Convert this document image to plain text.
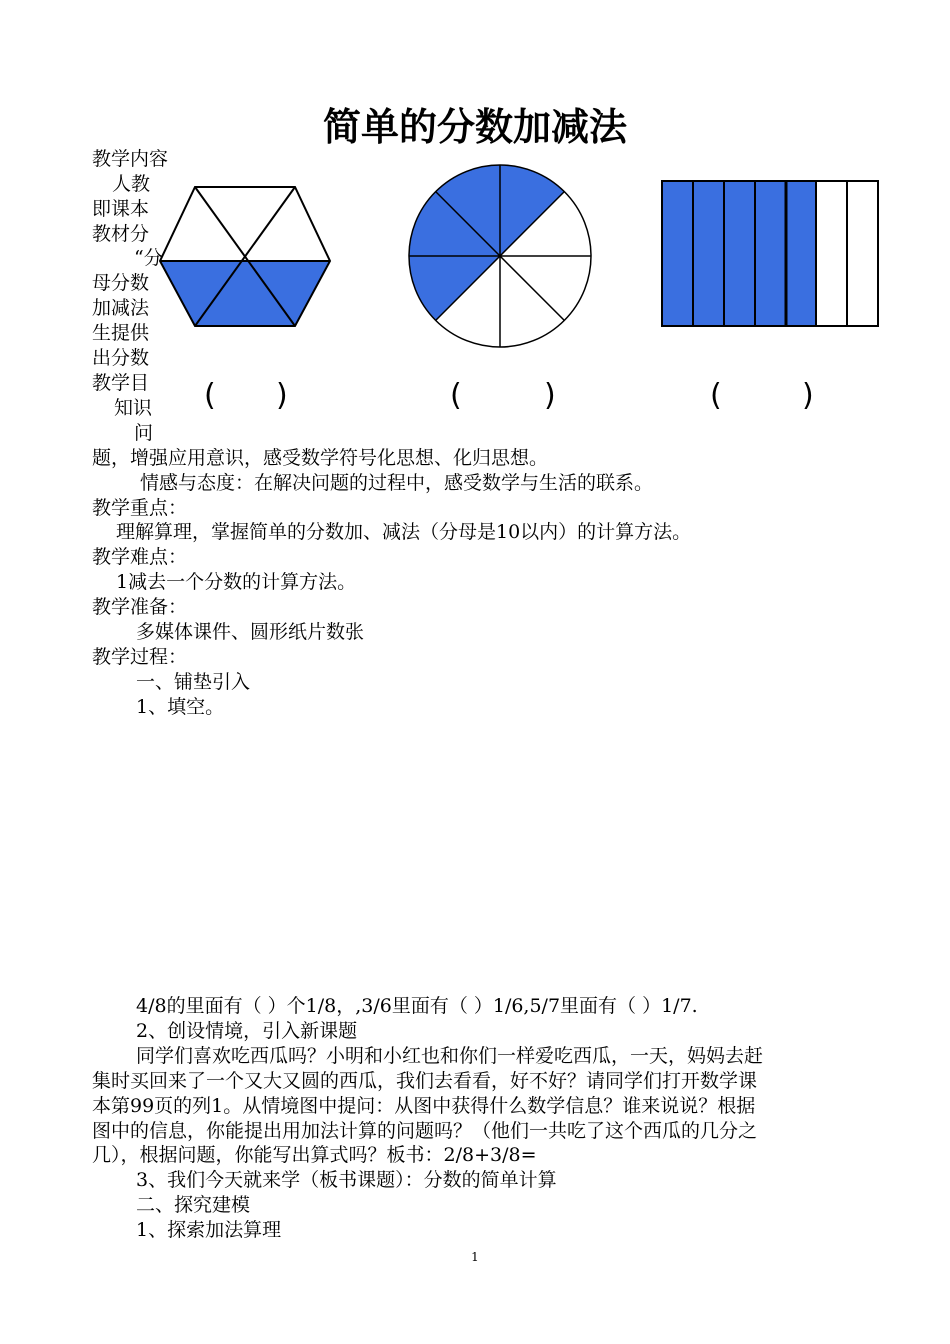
简单的分数加减法
教学内容
人教
即课本
教材分
“分
母分数
加减法
生提供
出分数
教学目
知识
问
( )	(	)	(	)
题，增强应用意识，感受数学符号化思想、化归思想。
情感与态度：在解决问题的过程中，感受数学与生活的联系。
教学重点：
理解算理，掌握简单的分数加、减法（分母是10以内）的计算方法。
教学难点：
1减去一个分数的计算方法。
教学准备：
多媒体课件、圆形纸片数张
教学过程：
一、铺垫引入
1、填空。
4/8的里面有（ ）个1/8，,3/6里面有（ ）1/6,5/7里面有（ ）1/7.
2、创设情境，引入新课题
同学们喜欢吃西瓜吗？小明和小红也和你们一样爱吃西瓜，一天，妈妈去赶
集时买回来了一个又大又圆的西瓜，我们去看看，好不好？请同学们打开数学课
本第99页的列1。从情境图中提问：从图中获得什么数学信息？谁来说说？根据
图中的信息，你能提出用加法计算的问题吗？（他们一共吃了这个西瓜的几分之
几），根据问题，你能写出算式吗？板书：2/8+3/8=
3、我们今天就来学（板书课题）：分数的简单计算
二、探究建模
1、探索加法算理
1
